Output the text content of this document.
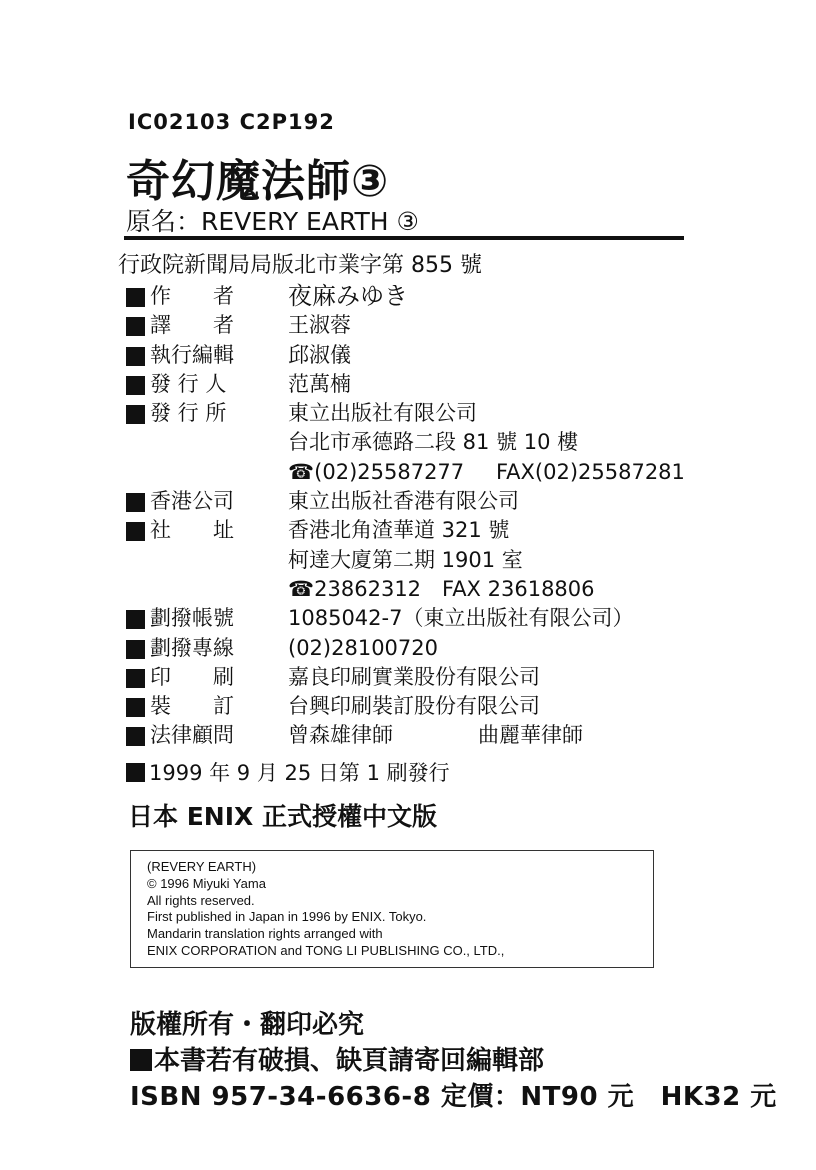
IC02103 C2P192
奇幻魔法師③
原名：REVERY EARTH ③
行政院新聞局局版北市業字第 855 號
作　　者 夜麻みゆき
譯　　者	王淑蓉
執行編輯	邱淑儀
發 行 人	范萬楠
發 行 所	東立出版社有限公司
台北市承德路二段 81 號 10 樓
☎(02)25587277 FAX(02)25587281
香港公司	東立出版社香港有限公司
社　　址	香港北角渣華道 321 號
柯達大廈第二期 1901 室
☎23862312　FAX 23618806
劃撥帳號	1085042-7（東立出版社有限公司）
劃撥專線	(02)28100720
印　　刷	嘉良印刷實業股份有限公司
裝　　訂	台興印刷裝訂股份有限公司
法律顧問	曾森雄律師	曲麗華律師
1999 年 9 月 25 日第 1 刷發行
日本 ENIX 正式授權中文版
(REVERY EARTH)
© 1996 Miyuki Yama
All rights reserved.
First published in Japan in 1996 by ENIX. Tokyo.
Mandarin translation rights arranged with
ENIX CORPORATION and TONG LI PUBLISHING CO., LTD.,
版權所有・翻印必究
本書若有破損、缺頁請寄回編輯部
ISBN 957-34-6636-8 定價：NT90 元　HK32 元
